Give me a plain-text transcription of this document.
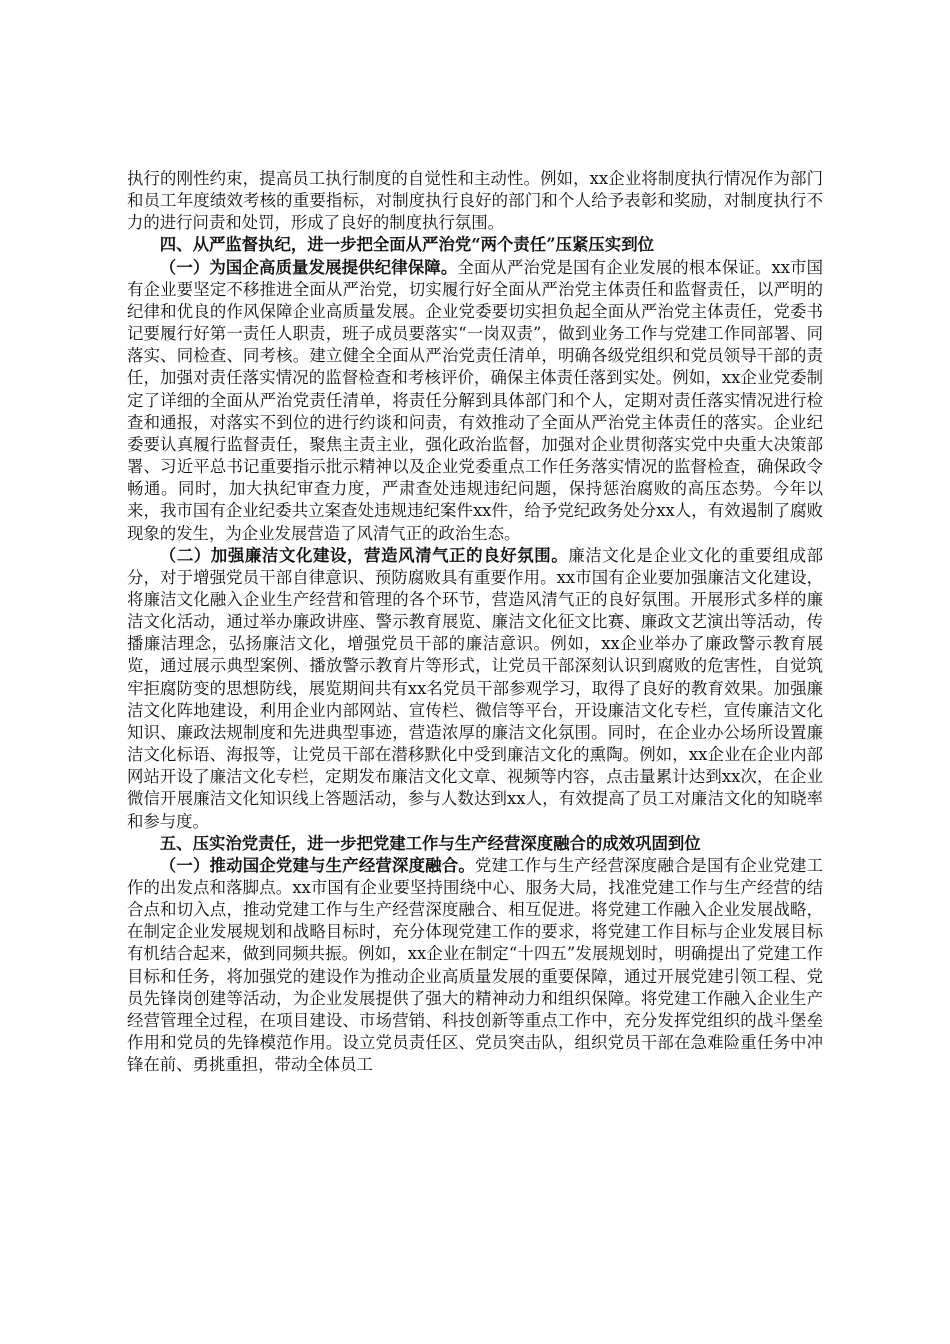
执行的刚性约束，提高员工执行制度的自觉性和主动性。例如，xx企业将制度执行情况作为部门和员工年度绩效考核的重要指标，对制度执行良好的部门和个人给予表彰和奖励，对制度执行不力的进行问责和处罚，形成了良好的制度执行氛围。

四、从严监督执纪，进一步把全面从严治党“两个责任”压紧压实到位

（一）为国企高质量发展提供纪律保障。全面从严治党是国有企业发展的根本保证。xx市国有企业要坚定不移推进全面从严治党，切实履行好全面从严治党主体责任和监督责任，以严明的纪律和优良的作风保障企业高质量发展。企业党委要切实担负起全面从严治党主体责任，党委书记要履行好第一责任人职责，班子成员要落实“一岗双责”，做到业务工作与党建工作同部署、同落实、同检查、同考核。建立健全全面从严治党责任清单，明确各级党组织和党员领导干部的责任，加强对责任落实情况的监督检查和考核评价，确保主体责任落到实处。例如，xx企业党委制定了详细的全面从严治党责任清单，将责任分解到具体部门和个人，定期对责任落实情况进行检查和通报，对落实不到位的进行约谈和问责，有效推动了全面从严治党主体责任的落实。企业纪委要认真履行监督责任，聚焦主责主业，强化政治监督，加强对企业贯彻落实党中央重大决策部署、习近平总书记重要指示批示精神以及企业党委重点工作任务落实情况的监督检查，确保政令畅通。同时，加大执纪审查力度，严肃查处违规违纪问题，保持惩治腐败的高压态势。今年以来，我市国有企业纪委共立案查处违规违纪案件xx件，给予党纪政务处分xx人，有效遏制了腐败现象的发生，为企业发展营造了风清气正的政治生态。

（二）加强廉洁文化建设，营造风清气正的良好氛围。廉洁文化是企业文化的重要组成部分，对于增强党员干部自律意识、预防腐败具有重要作用。xx市国有企业要加强廉洁文化建设，将廉洁文化融入企业生产经营和管理的各个环节，营造风清气正的良好氛围。开展形式多样的廉洁文化活动，通过举办廉政讲座、警示教育展览、廉洁文化征文比赛、廉政文艺演出等活动，传播廉洁理念，弘扬廉洁文化，增强党员干部的廉洁意识。例如，xx企业举办了廉政警示教育展览，通过展示典型案例、播放警示教育片等形式，让党员干部深刻认识到腐败的危害性，自觉筑牢拒腐防变的思想防线，展览期间共有xx名党员干部参观学习，取得了良好的教育效果。加强廉洁文化阵地建设，利用企业内部网站、宣传栏、微信等平台，开设廉洁文化专栏，宣传廉洁文化知识、廉政法规制度和先进典型事迹，营造浓厚的廉洁文化氛围。同时，在企业办公场所设置廉洁文化标语、海报等，让党员干部在潜移默化中受到廉洁文化的熏陶。例如，xx企业在企业内部网站开设了廉洁文化专栏，定期发布廉洁文化文章、视频等内容，点击量累计达到xx次，在企业微信开展廉洁文化知识线上答题活动，参与人数达到xx人，有效提高了员工对廉洁文化的知晓率和参与度。

五、压实治党责任，进一步把党建工作与生产经营深度融合的成效巩固到位

（一）推动国企党建与生产经营深度融合。党建工作与生产经营深度融合是国有企业党建工作的出发点和落脚点。xx市国有企业要坚持围绕中心、服务大局，找准党建工作与生产经营的结合点和切入点，推动党建工作与生产经营深度融合、相互促进。将党建工作融入企业发展战略，在制定企业发展规划和战略目标时，充分体现党建工作的要求，将党建工作目标与企业发展目标有机结合起来，做到同频共振。例如，xx企业在制定“十四五”发展规划时，明确提出了党建工作目标和任务，将加强党的建设作为推动企业高质量发展的重要保障，通过开展党建引领工程、党员先锋岗创建等活动，为企业发展提供了强大的精神动力和组织保障。将党建工作融入企业生产经营管理全过程，在项目建设、市场营销、科技创新等重点工作中，充分发挥党组织的战斗堡垒作用和党员的先锋模范作用。设立党员责任区、党员突击队，组织党员干部在急难险重任务中冲锋在前、勇挑重担，带动全体员工
